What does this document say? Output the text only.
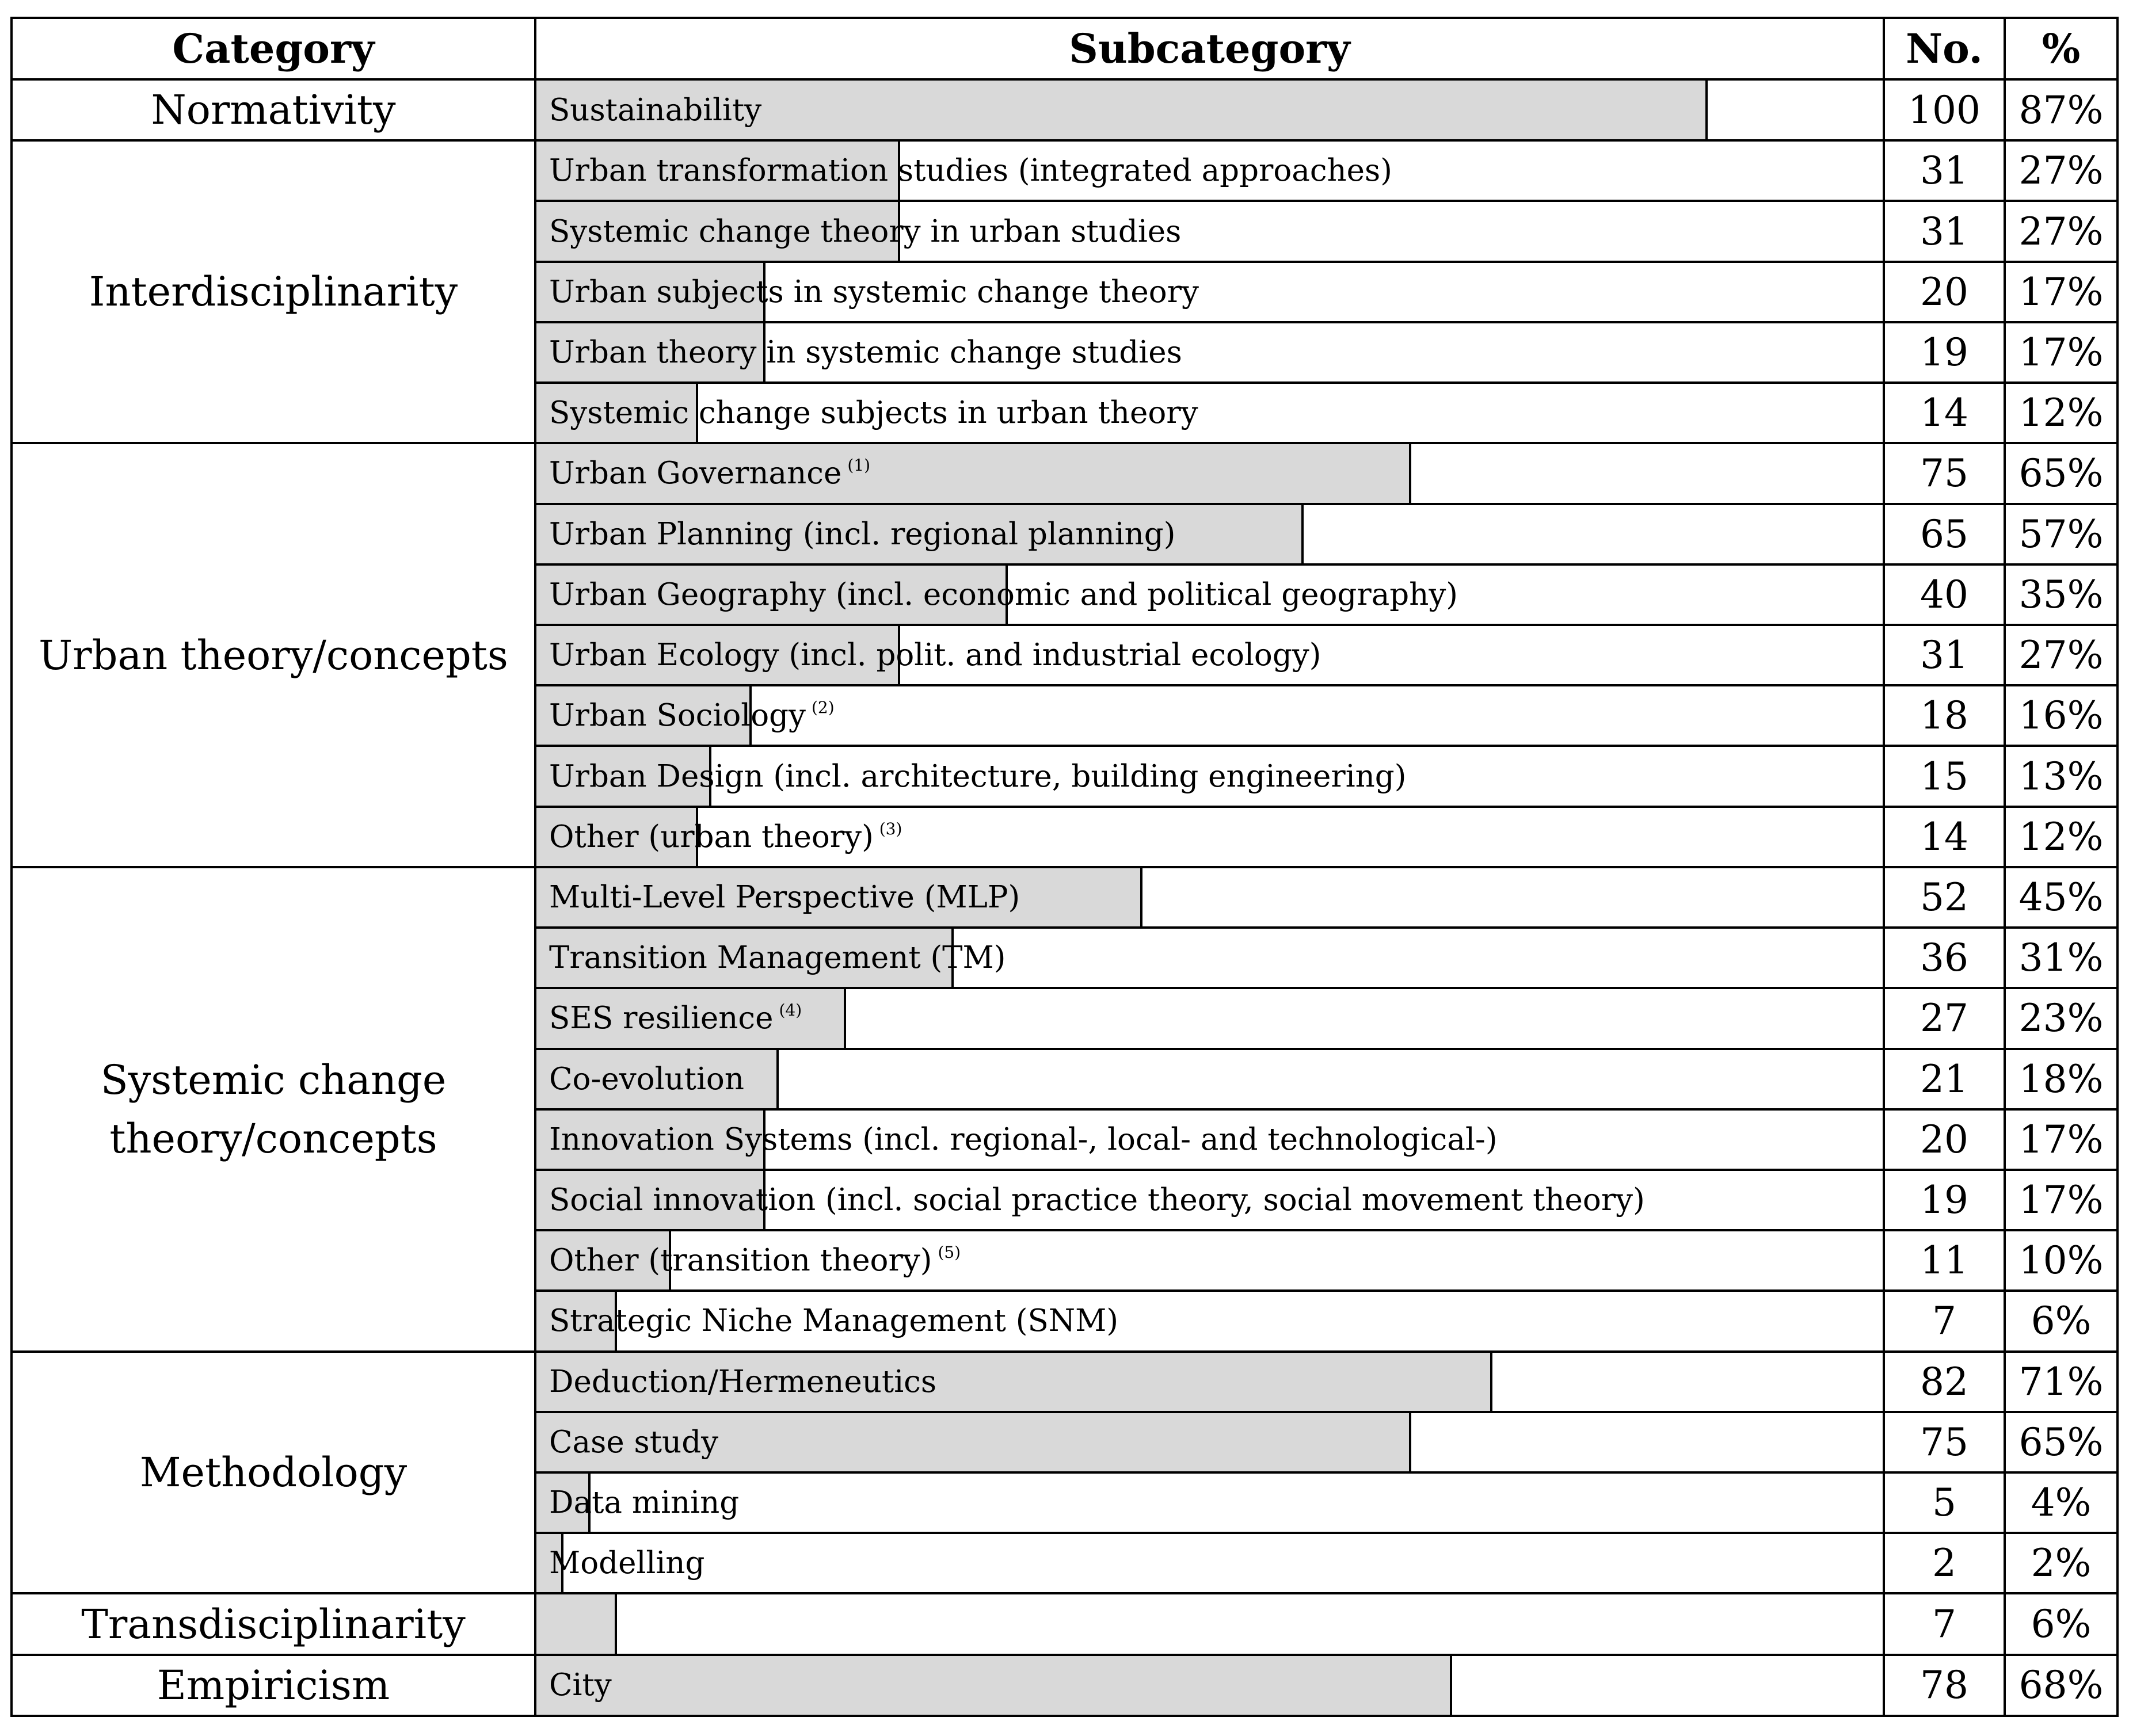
Category	Subcategory	No.	%
Normativity	Sustainability	100	87%
Interdisciplinarity	Urban transformation studies (integrated approaches)	31	27%

	Systemic change theory in urban studies	31	27%

	Urban subjects in systemic change theory	20	17%

	Urban theory in systemic change studies	19	17%

	Systemic change subjects in urban theory	14	12%
Urban theory/concepts	Urban Governance $^{(1)}$	75	65%

	Urban Planning (incl. regional planning)	65	57%

	Urban Geography (incl. economic and political geography)	40	35%

	Urban Ecology (incl. polit. and industrial ecology)	31	27%

	Urban Sociology $^{(2)}$	18	16%

	Urban Design (incl. architecture, building engineering)	15	13%

	Other (urban theory) $^{(3)}$	14	12%
Systemic change theory/concepts	Multi-Level Perspective (MLP)	52	45%

	Transition Management (TM)	36	31%

	SES resilience $^{(4)}$	27	23%

	Co-evolution	21	18%

	Innovation Systems (incl. regional-, local- and technological-)	20	17%

	Social innovation (incl. social practice theory, social movement theory)	19	17%

	Other (transition theory) $^{(5)}$	11	10%

	Strategic Niche Management (SNM)	7	6%
Methodology	Deduction/Hermeneutics	82	71%

	Case study	75	65%

	Data mining	5	4%

	Modelling	2	2%
Transdisciplinarity		7	6%
Empiricism	City	78	68%
